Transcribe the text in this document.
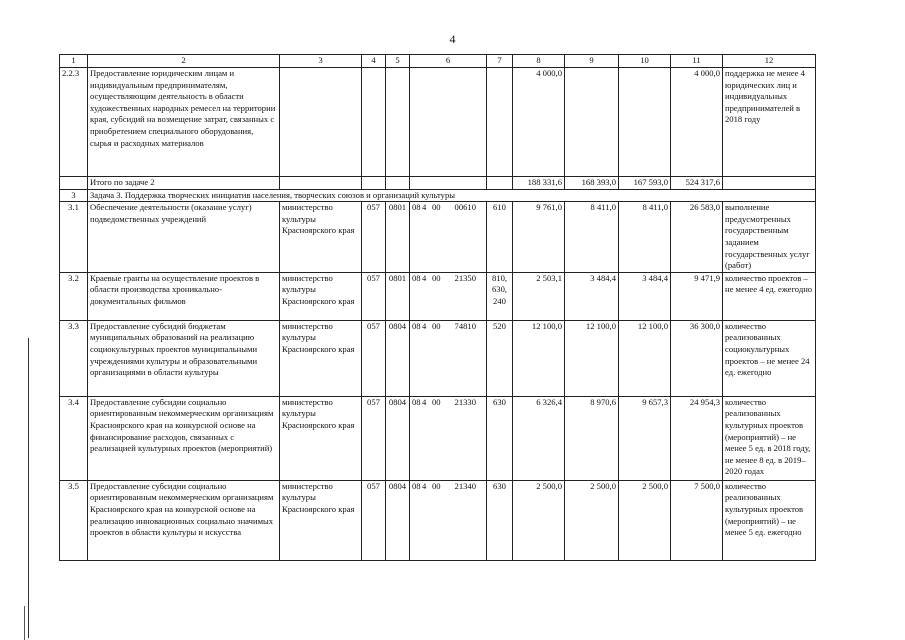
4
1	2	3	4	5	6	7	8	9	10	11	12
2.2.3	Предоставление юридическим лицам и индивидуальным предпринимателям, осуществляющим деятельность в области художественных народных ремесел на территории края, субсидий на возмещение затрат, связанных с приобретением специального оборудования, сырья и расходных материалов						4 000,0			4 000,0	поддержка не менее 4 юридических лиц и индивидуальных предпринимателей в 2018 году
	Итого по задаче 2						188 331,6	168 393,0	167 593,0	524 317,6	
3	Задача 3. Поддержка творческих инициатив населения, творческих союзов и организаций культуры										
3.1	Обеспечение деятельности (оказание услуг) подведомственных учреждений	министерство культуры Красноярского края	057	0801	084 00 00610	610	9 761,0	8 411,0	8 411,0	26 583,0	выполнение предусмотренных государственным заданием государственных услуг (работ)
3.2	Краевые гранты на осуществление проектов в области производства хроникально-документальных фильмов	министерство культуры Красноярского края	057	0801	084 00 21350	810, 630, 240	2 503,1	3 484,4	3 484,4	9 471,9	количество проектов – не менее 4 ед. ежегодно
3.3	Предоставление субсидий бюджетам муниципальных образований на реализацию социокультурных проектов муниципальными учреждениями культуры и образовательными организациями в области культуры	министерство культуры Красноярского края	057	0804	084 00 74810	520	12 100,0	12 100,0	12 100,0	36 300,0	количество реализованных социокультурных проектов – не менее 24 ед. ежегодно
3.4	Предоставление субсидии социально ориентированным некоммерческим организациям Красноярского края на конкурсной основе на финансирование расходов, связанных с реализацией культурных проектов (мероприятий)	министерство культуры Красноярского края	057	0804	084 00 21330	630	6 326,4	8 970,6	9 657,3	24 954,3	количество реализованных культурных проектов (мероприятий) – не менее 5 ед. в 2018 году, не менее 8 ед. в 2019–2020 годах
3.5	Предоставление субсидии социально ориентированным некоммерческим организациям Красноярского края на конкурсной основе на реализацию инновационных социально значимых проектов в области культуры и искусства	министерство культуры Красноярского края	057	0804	084 00 21340	630	2 500,0	2 500,0	2 500,0	7 500,0	количество реализованных культурных проектов (мероприятий) – не менее 5 ед. ежегодно
